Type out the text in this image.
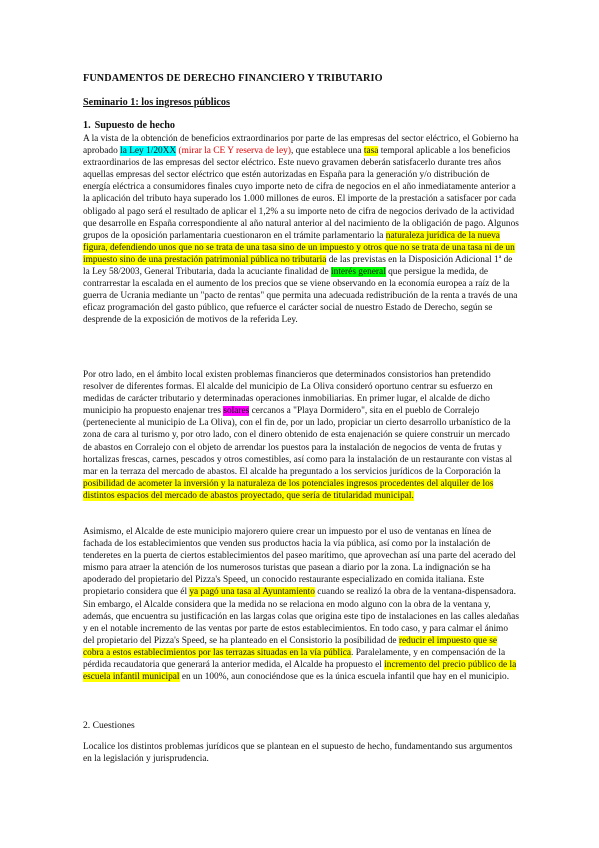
FUNDAMENTOS DE DERECHO FINANCIERO Y TRIBUTARIO
Seminario 1: los ingresos públicos
1. Supuesto de hecho
A la vista de la obtención de beneficios extraordinarios por parte de las empresas del sector eléctrico, el Gobierno ha aprobado la Ley 1/20XX (mirar la CE Y reserva de ley), que establece una tasa temporal aplicable a los beneficios extraordinarios de las empresas del sector eléctrico. Este nuevo gravamen deberán satisfacerlo durante tres años aquellas empresas del sector eléctrico que estén autorizadas en España para la generación y/o distribución de energía eléctrica a consumidores finales cuyo importe neto de cifra de negocios en el año inmediatamente anterior a la aplicación del tributo haya superado los 1.000 millones de euros. El importe de la prestación a satisfacer por cada obligado al pago será el resultado de aplicar el 1,2% a su importe neto de cifra de negocios derivado de la actividad que desarrolle en España correspondiente al año natural anterior al del nacimiento de la obligación de pago. Algunos grupos de la oposición parlamentaria cuestionaron en el trámite parlamentario la naturaleza jurídica de la nueva figura, defendiendo unos que no se trata de una tasa sino de un impuesto y otros que no se trata de una tasa ni de un impuesto sino de una prestación patrimonial pública no tributaria de las previstas en la Disposición Adicional 1ª de la Ley 58/2003, General Tributaria, dada la acuciante finalidad de interés general que persigue la medida, de contrarrestar la escalada en el aumento de los precios que se viene observando en la economía europea a raíz de la guerra de Ucrania mediante un "pacto de rentas" que permita una adecuada redistribución de la renta a través de una eficaz programación del gasto público, que refuerce el carácter social de nuestro Estado de Derecho, según se desprende de la exposición de motivos de la referida Ley.
Por otro lado, en el ámbito local existen problemas financieros que determinados consistorios han pretendido resolver de diferentes formas. El alcalde del municipio de La Oliva consideró oportuno centrar su esfuerzo en medidas de carácter tributario y determinadas operaciones inmobiliarias. En primer lugar, el alcalde de dicho municipio ha propuesto enajenar tres solares cercanos a "Playa Dormidero", sita en el pueblo de Corralejo (perteneciente al municipio de La Oliva), con el fin de, por un lado, propiciar un cierto desarrollo urbanístico de la zona de cara al turismo y, por otro lado, con el dinero obtenido de esta enajenación se quiere construir un mercado de abastos en Corralejo con el objeto de arrendar los puestos para la instalación de negocios de venta de frutas y hortalizas frescas, carnes, pescados y otros comestibles, así como para la instalación de un restaurante con vistas al mar en la terraza del mercado de abastos. El alcalde ha preguntado a los servicios jurídicos de la Corporación la posibilidad de acometer la inversión y la naturaleza de los potenciales ingresos procedentes del alquiler de los distintos espacios del mercado de abastos proyectado, que sería de titularidad municipal.
Asimismo, el Alcalde de este municipio majorero quiere crear un impuesto por el uso de ventanas en línea de fachada de los establecimientos que venden sus productos hacia la vía pública, así como por la instalación de tenderetes en la puerta de ciertos establecimientos del paseo marítimo, que aprovechan así una parte del acerado del mismo para atraer la atención de los numerosos turistas que pasean a diario por la zona. La indignación se ha apoderado del propietario del Pizza's Speed, un conocido restaurante especializado en comida italiana. Este propietario considera que él ya pagó una tasa al Ayuntamiento cuando se realizó la obra de la ventana-dispensadora. Sin embargo, el Alcalde considera que la medida no se relaciona en modo alguno con la obra de la ventana y, además, que encuentra su justificación en las largas colas que origina este tipo de instalaciones en las calles aledañas y en el notable incremento de las ventas por parte de estos establecimientos. En todo caso, y para calmar el ánimo del propietario del Pizza's Speed, se ha planteado en el Consistorio la posibilidad de reducir el impuesto que se cobra a estos establecimientos por las terrazas situadas en la vía pública. Paralelamente, y en compensación de la pérdida recaudatoria que generará la anterior medida, el Alcalde ha propuesto el incremento del precio público de la escuela infantil municipal en un 100%, aun conociéndose que es la única escuela infantil que hay en el municipio.
2. Cuestiones
Localice los distintos problemas jurídicos que se plantean en el supuesto de hecho, fundamentando sus argumentos en la legislación y jurisprudencia.
